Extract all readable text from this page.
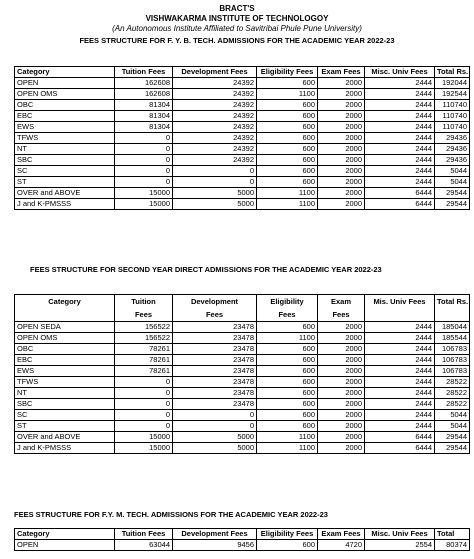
BRACT'S
VISHWAKARMA INSTITUTE OF TECHNOLOGOY
(An Autonomous Institute Affiliated to Savitribai Phule Pune University)
FEES STRUCTURE FOR F. Y. B. TECH. ADMISSIONS FOR THE ACADEMIC YEAR 2022-23
Category	Tuition Fees	Development Fees	Eligibility Fees	Exam Fees	Misc. Univ Fees	Total Rs.
OPEN	162608	24392	600	2000	2444	192044
OPEN OMS	162608	24392	1100	2000	2444	192544
OBC	81304	24392	600	2000	2444	110740
EBC	81304	24392	600	2000	2444	110740
EWS	81304	24392	600	2000	2444	110740
TFWS	0	24392	600	2000	2444	29436
NT	0	24392	600	2000	2444	29436
SBC	0	24392	600	2000	2444	29436
SC	0	0	600	2000	2444	5044
ST	0	0	600	2000	2444	5044
OVER and ABOVE	15000	5000	1100	2000	6444	29544
J and K-PMSSS	15000	5000	1100	2000	6444	29544
FEES STRUCTURE FOR SECOND YEAR DIRECT ADMISSIONS FOR THE ACADEMIC YEAR 2022-23
Category	Tuition	Development	Eligibility	Exam	Mis. Univ Fees	Total Rs.
	Fees	Fees	Fees	Fees		
OPEN SEDA	156522	23478	600	2000	2444	185044
OPEN OMS	156522	23478	1100	2000	2444	185544
OBC	78261	23478	600	2000	2444	106783
EBC	78261	23478	600	2000	2444	106783
EWS	78261	23478	600	2000	2444	106783
TFWS	0	23478	600	2000	2444	28522
NT	0	23478	600	2000	2444	28522
SBC	0	23478	600	2000	2444	28522
SC	0	0	600	2000	2444	5044
ST	0	0	600	2000	2444	5044
OVER and ABOVE	15000	5000	1100	2000	6444	29544
J and K-PMSSS	15000	5000	1100	2000	6444	29544
FEES STRUCTURE FOR F.Y. M. TECH. ADMISSIONS FOR THE ACADEMIC YEAR 2022-23
Category	Tuition Fees	Development Fees	Eligibility Fees	Exam Fees	Misc. Univ Fees	Total
OPEN	63044	9456	600	4720	2554	80374
